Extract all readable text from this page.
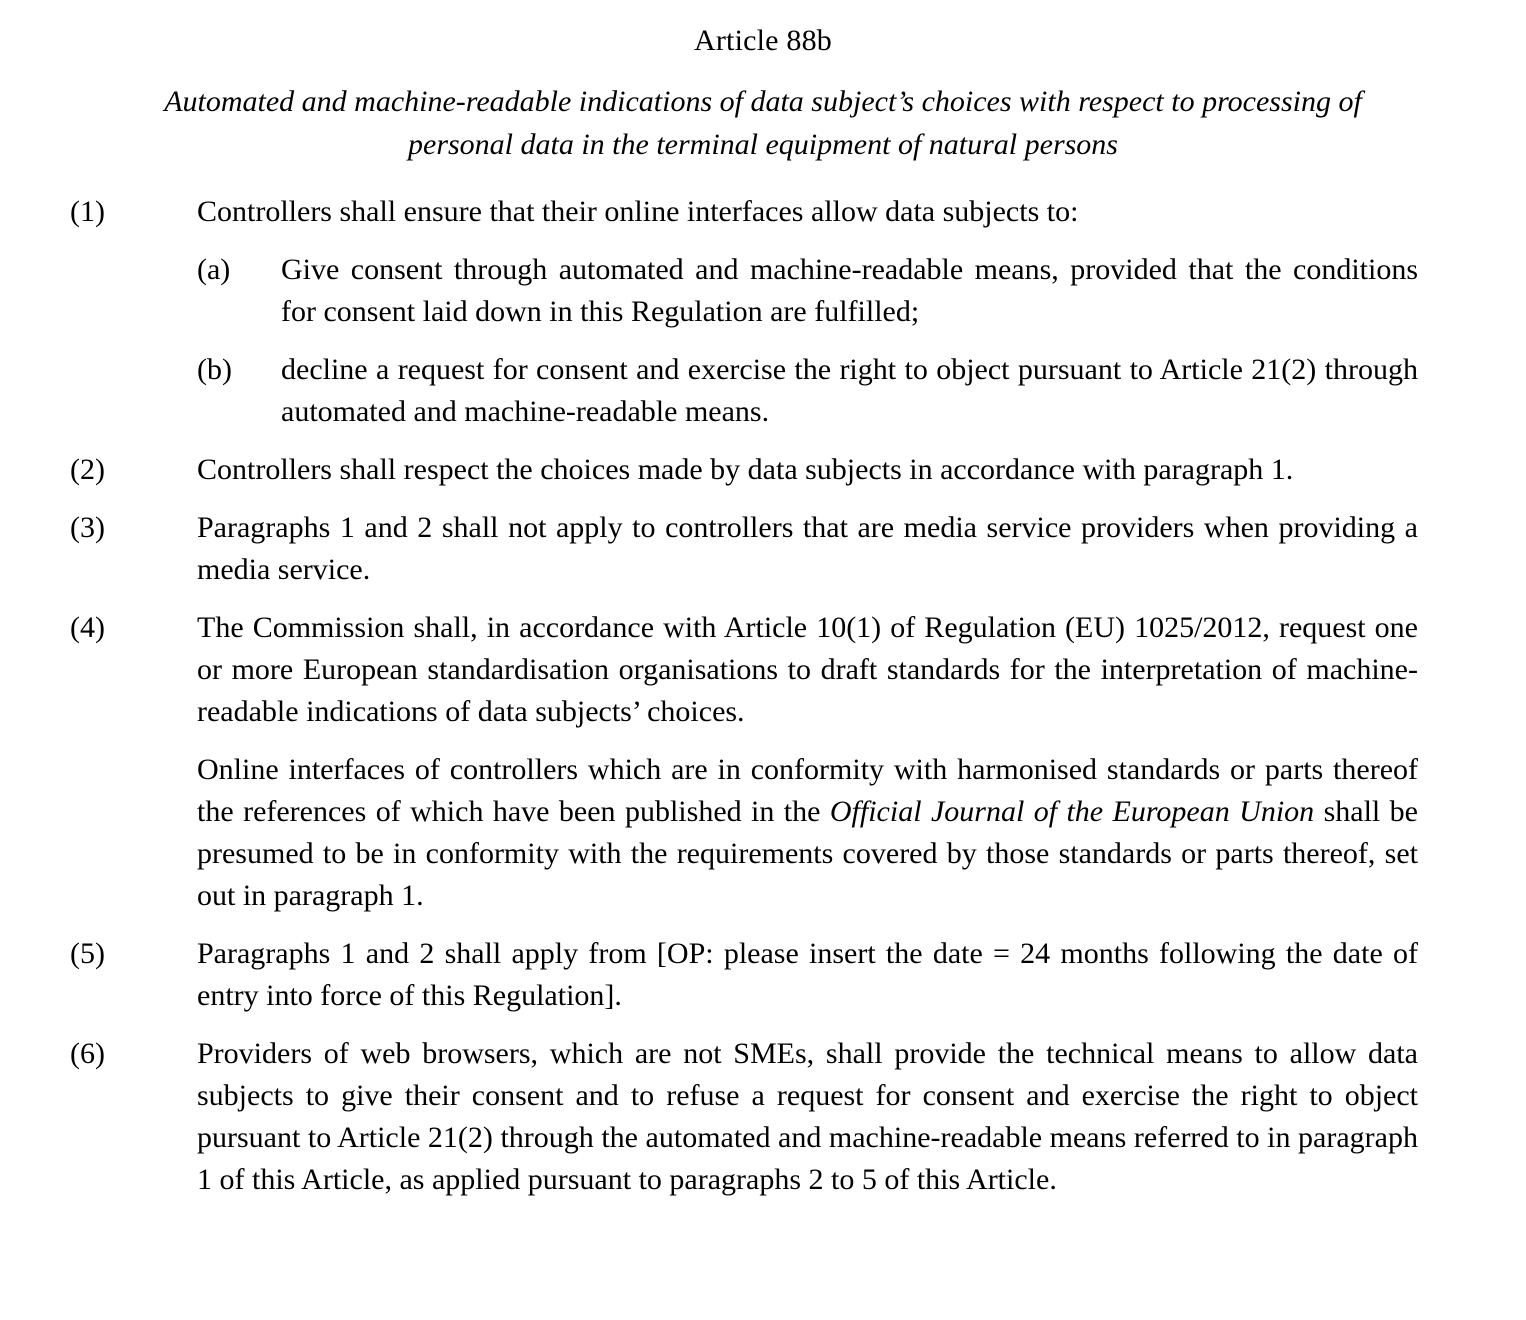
Article 88b

Automated and machine-readable indications of data subject’s choices with respect to processing of personal data in the terminal equipment of natural persons

(1)	Controllers shall ensure that their online interfaces allow data subjects to:
(a)	Give consent through automated and machine-readable means, provided that the conditions for consent laid down in this Regulation are fulfilled;
(b)	decline a request for consent and exercise the right to object pursuant to Article 21(2) through automated and machine-readable means.
(2)	Controllers shall respect the choices made by data subjects in accordance with paragraph 1.
(3)	Paragraphs 1 and 2 shall not apply to controllers that are media service providers when providing a media service.
(4)	The Commission shall, in accordance with Article 10(1) of Regulation (EU) 1025/2012, request one or more European standardisation organisations to draft standards for the interpretation of machine-readable indications of data subjects’ choices.
Online interfaces of controllers which are in conformity with harmonised standards or parts thereof the references of which have been published in the Official Journal of the European Union shall be presumed to be in conformity with the requirements covered by those standards or parts thereof, set out in paragraph 1.
(5)	Paragraphs 1 and 2 shall apply from [OP: please insert the date = 24 months following the date of entry into force of this Regulation].
(6)	Providers of web browsers, which are not SMEs, shall provide the technical means to allow data subjects to give their consent and to refuse a request for consent and exercise the right to object pursuant to Article 21(2) through the automated and machine-readable means referred to in paragraph 1 of this Article, as applied pursuant to paragraphs 2 to 5 of this Article.
